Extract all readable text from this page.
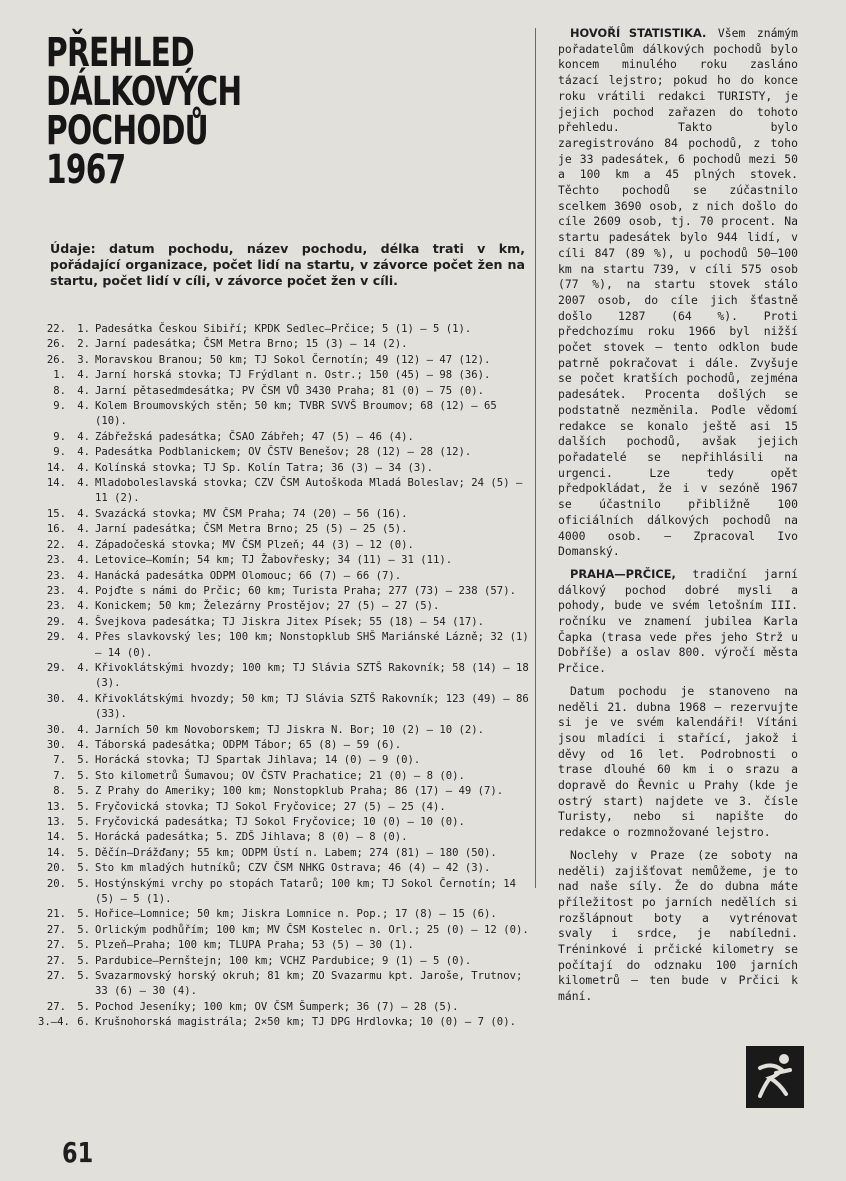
PŘEHLED
DÁLKOVÝCH
POCHODŮ
1967
Údaje: datum pochodu, název pochodu, délka trati v km, pořádající organizace, počet lidí na startu, v závorce počet žen na startu, počet lidí v cíli, v závorce počet žen v cíli.
22.	1. Padesátka Českou Sibiří; KPDK Sedlec—Prčice; 5 (1) — 5 (1).
26.	2. Jarní padesátka; ČSM Metra Brno; 15 (3) — 14 (2).
26.	3. Moravskou Branou; 50 km; TJ Sokol Černotín; 49 (12) — 47 (12).
1.	4. Jarní horská stovka; TJ Frýdlant n. Ostr.; 150 (45) — 98 (36).
8.	4. Jarní pětasedmdesátka; PV ČSM VŮ 3430 Praha; 81 (0) — 75 (0).
9.	4. Kolem Broumovských stěn; 50 km; TVBR SVVŠ Broumov; 68 (12) — 65 (10).
9.	4. Zábřežská padesátka; ČSAO Zábřeh; 47 (5) — 46 (4).
9.	4. Padesátka Podblanickem; OV ČSTV Benešov; 28 (12) — 28 (12).
14.	4. Kolínská stovka; TJ Sp. Kolín Tatra; 36 (3) — 34 (3).
14.	4. Mladoboleslavská stovka; CZV ČSM Autoškoda Mladá Boleslav; 24 (5) — 11 (2).
15.	4. Svazácká stovka; MV ČSM Praha; 74 (20) — 56 (16).
16.	4. Jarní padesátka; ČSM Metra Brno; 25 (5) — 25 (5).
22.	4. Západočeská stovka; MV ČSM Plzeň; 44 (3) — 12 (0).
23.	4. Letovice—Komín; 54 km; TJ Žabovřesky; 34 (11) — 31 (11).
23.	4. Hanácká padesátka ODPM Olomouc; 66 (7) — 66 (7).
23.	4. Pojďte s námi do Prčic; 60 km; Turista Praha; 277 (73) — 238 (57).
23.	4. Konickem; 50 km; Železárny Prostějov; 27 (5) — 27 (5).
29.	4. Švejkova padesátka; TJ Jiskra Jitex Písek; 55 (18) — 54 (17).
29.	4. Přes slavkovský les; 100 km; Nonstopklub SHŠ Mariánské Lázně; 32 (1) — 14 (0).
29.	4. Křivoklátskými hvozdy; 100 km; TJ Slávia SZTŠ Rakovník; 58 (14) — 18 (3).
30.	4. Křivoklátskými hvozdy; 50 km; TJ Slávia SZTŠ Rakovník; 123 (49) — 86 (33).
30.	4. Jarních 50 km Novoborskem; TJ Jiskra N. Bor; 10 (2) — 10 (2).
30.	4. Táborská padesátka; ODPM Tábor; 65 (8) — 59 (6).
7.	5. Horácká stovka; TJ Spartak Jihlava; 14 (0) — 9 (0).
7.	5. Sto kilometrů Šumavou; OV ČSTV Prachatice; 21 (0) — 8 (0).
8.	5. Z Prahy do Ameriky; 100 km; Nonstopklub Praha; 86 (17) — 49 (7).
13.	5. Fryčovická stovka; TJ Sokol Fryčovice; 27 (5) — 25 (4).
13.	5. Fryčovická padesátka; TJ Sokol Fryčovice; 10 (0) — 10 (0).
14.	5. Horácká padesátka; 5. ZDŠ Jihlava; 8 (0) — 8 (0).
14.	5. Děčín—Drážďany; 55 km; ODPM Ústí n. Labem; 274 (81) — 180 (50).
20.	5. Sto km mladých hutníků; CZV ČSM NHKG Ostrava; 46 (4) — 42 (3).
20.	5. Hostýnskými vrchy po stopách Tatarů; 100 km; TJ Sokol Černotín; 14 (5) — 5 (1).
21.	5. Hořice—Lomnice; 50 km; Jiskra Lomnice n. Pop.; 17 (8) — 15 (6).
27.	5. Orlickým podhůřím; 100 km; MV ČSM Kostelec n. Orl.; 25 (0) — 12 (0).
27.	5. Plzeň—Praha; 100 km; TLUPA Praha; 53 (5) — 30 (1).
27.	5. Pardubice—Pernštejn; 100 km; VCHZ Pardubice; 9 (1) — 5 (0).
27.	5. Svazarmovský horský okruh; 81 km; ZO Svazarmu kpt. Jaroše, Trutnov; 33 (6) — 30 (4).
27.	5. Pochod Jeseníky; 100 km; OV ČSM Šumperk; 36 (7) — 28 (5).
3.—4. 6. Krušnohorská magistrála; 2×50 km; TJ DPG Hrdlovka; 10 (0) — 7 (0).

HOVOŘÍ STATISTIKA. Všem známým pořadatelům dálkových pochodů bylo koncem minulého roku zasláno tázací lejstro; pokud ho do konce roku vrátili redakci TURISTY, je jejich pochod zařazen do tohoto přehledu. Takto bylo zaregistrováno 84 pochodů, z toho je 33 padesátek, 6 pochodů mezi 50 a 100 km a 45 plných stovek. Těchto pochodů se zúčastnilo scelkem 3690 osob, z nich došlo do cíle 2609 osob, tj. 70 procent. Na startu padesátek bylo 944 lidí, v cíli 847 (89 %), u pochodů 50—100 km na startu 739, v cíli 575 osob (77 %), na startu stovek stálo 2007 osob, do cíle jich šťastně došlo 1287 (64 %). Proti předchozímu roku 1966 byl nižší počet stovek — tento odklon bude patrně pokračovat i dále. Zvyšuje se počet kratších pochodů, zejména padesátek. Procenta došlých se podstatně nezměnila. Podle vědomí redakce se konalo ještě asi 15 dalších pochodů, avšak jejich pořadatelé se nepřihlásili na urgenci. Lze tedy opět předpokládat, že i v sezóně 1967 se účastnilo přibližně 100 oficiálních dálkových pochodů na 4000 osob. — Zpracoval Ivo Domanský.

PRAHA—PRČICE, tradiční jarní dálkový pochod dobré mysli a pohody, bude ve svém letošním III. ročníku ve znamení jubilea Karla Čapka (trasa vede přes jeho Strž u Dobříše) a oslav 800. výročí města Prčice.

Datum pochodu je stanoveno na neděli 21. dubna 1968 — rezervujte si je ve svém kalendáři! Vítáni jsou mladíci i stařící, jakož i děvy od 16 let. Podrobnosti o trase dlouhé 60 km i o srazu a dopravě do Řevnic u Prahy (kde je ostrý start) najdete ve 3. čísle Turisty, nebo si napište do redakce o rozmnožované lejstro.

Noclehy v Praze (ze soboty na neděli) zajišťovat nemůžeme, je to nad naše síly. Že do dubna máte příležitost po jarních nedělích si rozšlápnout boty a vytrénovat svaly i srdce, je nabíledni. Tréninkové i prčické kilometry se počítají do odznaku 100 jarních kilometrů — ten bude v Prčici k mání.

61
